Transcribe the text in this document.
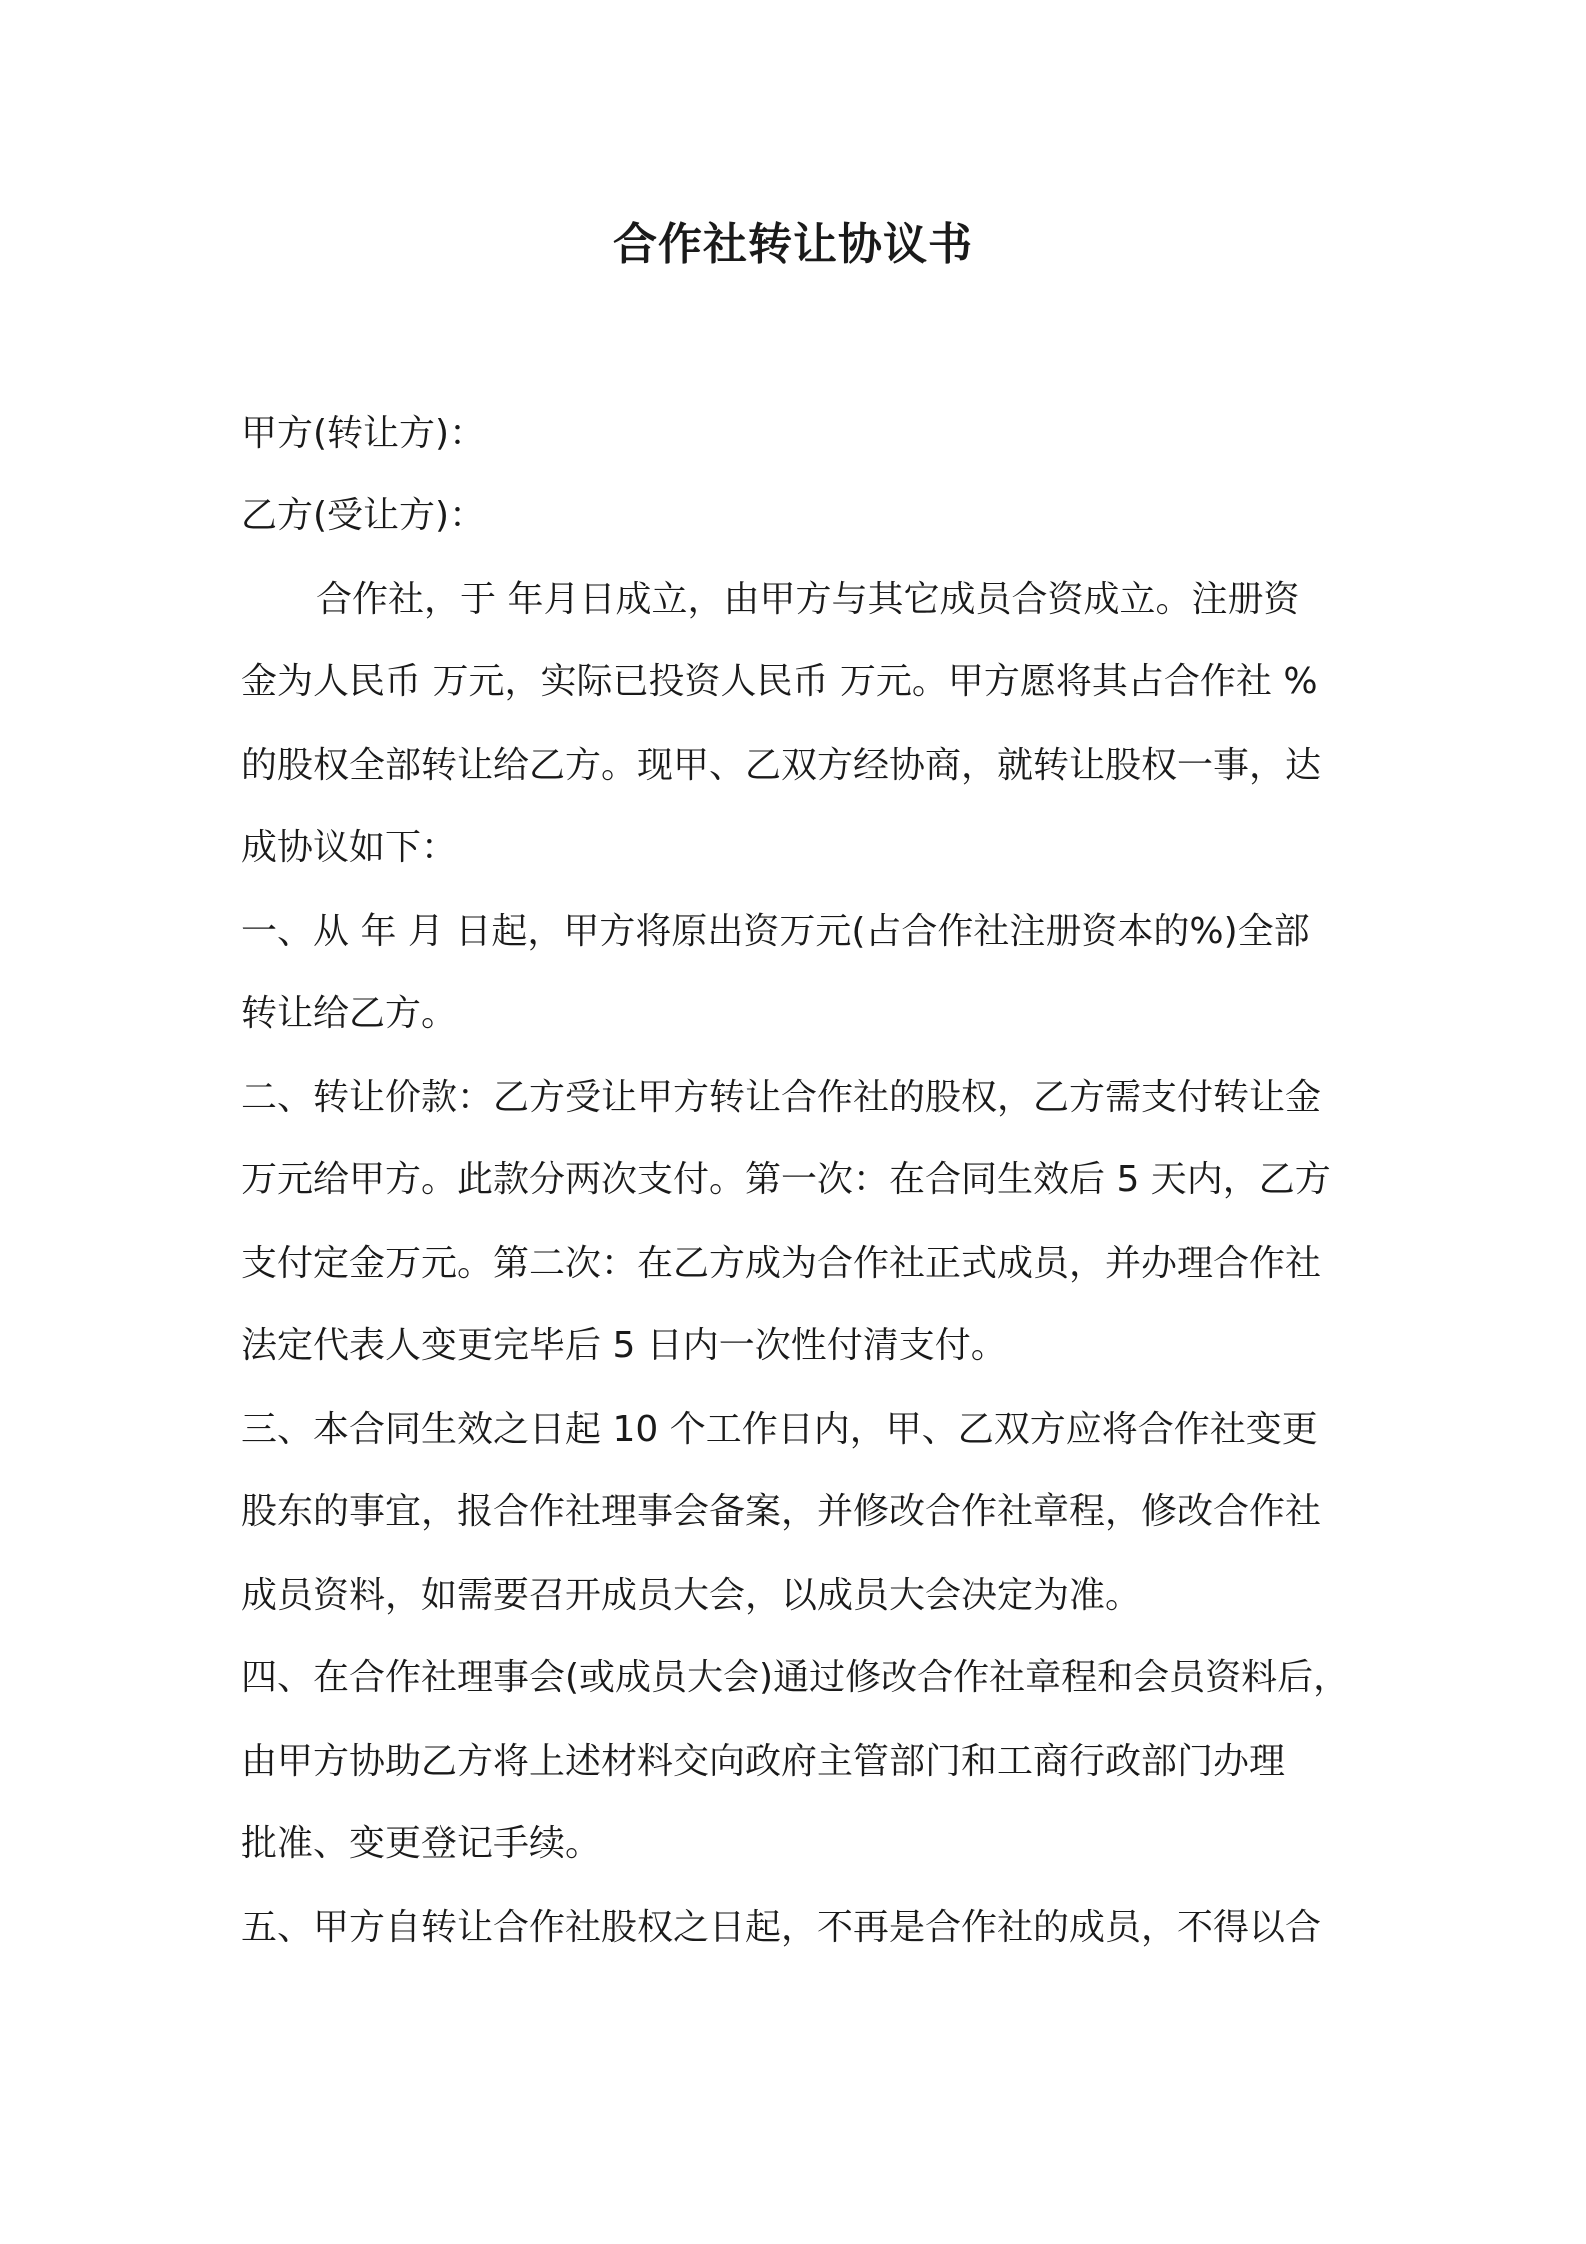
合作社转让协议书

甲方(转让方)：

乙方(受让方)：

合作社，于 年月日成立，由甲方与其它成员合资成立。注册资

金为人民币 万元，实际已投资人民币 万元。甲方愿将其占合作社 %

的股权全部转让给乙方。现甲、乙双方经协商，就转让股权一事，达

成协议如下：

一、从 年 月 日起，甲方将原出资万元(占合作社注册资本的%)全部

转让给乙方。

二、转让价款：乙方受让甲方转让合作社的股权，乙方需支付转让金

万元给甲方。此款分两次支付。第一次：在合同生效后 5 天内，乙方

支付定金万元。第二次：在乙方成为合作社正式成员，并办理合作社

法定代表人变更完毕后 5 日内一次性付清支付。

三、本合同生效之日起 10 个工作日内，甲、乙双方应将合作社变更

股东的事宜，报合作社理事会备案，并修改合作社章程，修改合作社

成员资料，如需要召开成员大会，以成员大会决定为准。

四、在合作社理事会(或成员大会)通过修改合作社章程和会员资料后，

由甲方协助乙方将上述材料交向政府主管部门和工商行政部门办理

批准、变更登记手续。

五、甲方自转让合作社股权之日起，不再是合作社的成员，不得以合
